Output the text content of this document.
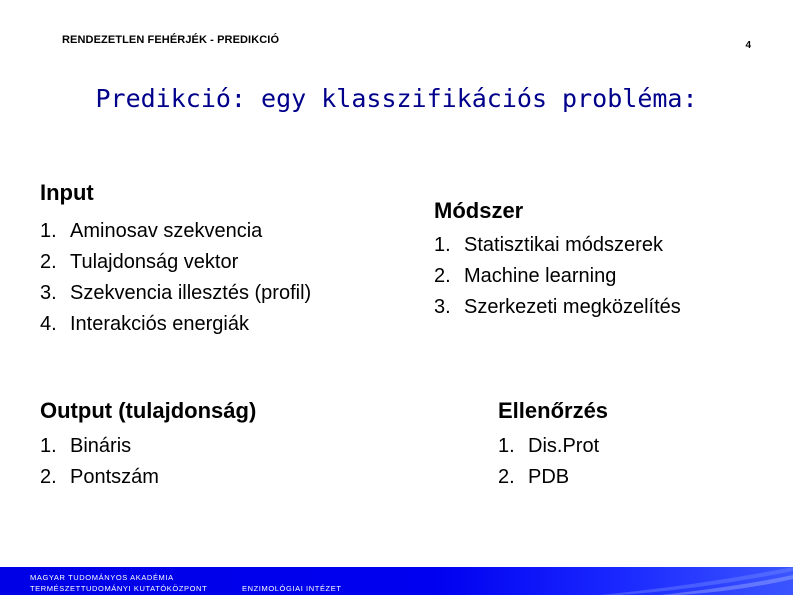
RENDEZETLEN FEHÉRJÉK - PREDIKCIÓ	4
Predikció: egy klasszifikációs probléma:
Input
1. Aminosav szekvencia
2. Tulajdonság vektor
3. Szekvencia illesztés (profil)
4. Interakciós energiák
Módszer
1. Statisztikai módszerek
2. Machine learning
3. Szerkezeti megközelítés
Output (tulajdonság)
1. Bináris
2. Pontszám
Ellenőrzés
1. Dis.Prot
2. PDB
MAGYAR TUDOMÁNYOS AKADÉMIA
TERMÉSZETTUDOMÁNYI KUTATÓKÖZPONT	ENZIMOLÓGIAI INTÉZET
